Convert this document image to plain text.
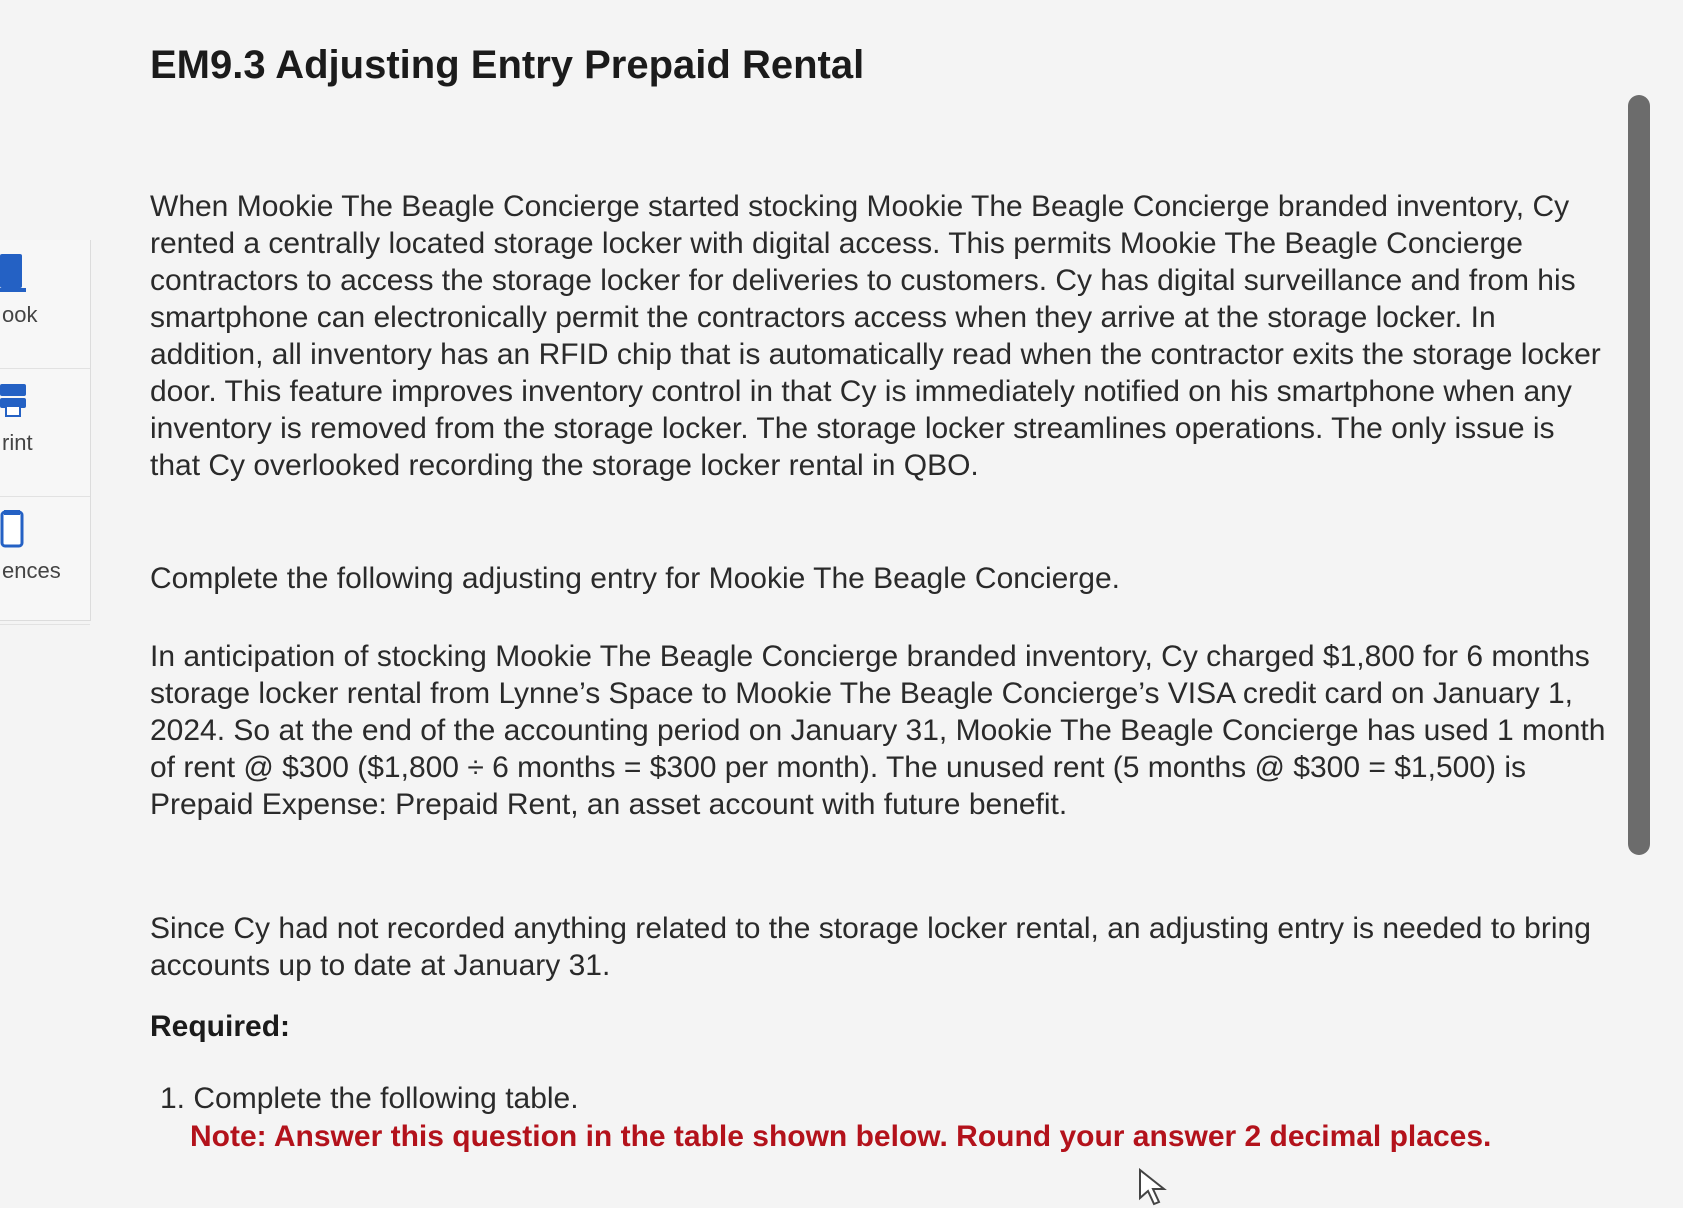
ook
rint
ences
EM9.3 Adjusting Entry Prepaid Rental

When Mookie The Beagle Concierge started stocking Mookie The Beagle Concierge branded inventory, Cy rented a centrally located storage locker with digital access. This permits Mookie The Beagle Concierge contractors to access the storage locker for deliveries to customers. Cy has digital surveillance and from his smartphone can electronically permit the contractors access when they arrive at the storage locker. In addition, all inventory has an RFID chip that is automatically read when the contractor exits the storage locker door. This feature improves inventory control in that Cy is immediately notified on his smartphone when any inventory is removed from the storage locker. The storage locker streamlines operations. The only issue is that Cy overlooked recording the storage locker rental in QBO.

Complete the following adjusting entry for Mookie The Beagle Concierge.

In anticipation of stocking Mookie The Beagle Concierge branded inventory, Cy charged $1,800 for 6 months storage locker rental from Lynne’s Space to Mookie The Beagle Concierge’s VISA credit card on January 1, 2024. So at the end of the accounting period on January 31, Mookie The Beagle Concierge has used 1 month of rent @ $300 ($1,800 ÷ 6 months = $300 per month). The unused rent (5 months @ $300 = $1,500) is Prepaid Expense: Prepaid Rent, an asset account with future benefit.

Since Cy had not recorded anything related to the storage locker rental, an adjusting entry is needed to bring accounts up to date at January 31.

Required:

1. Complete the following table.
Note: Answer this question in the table shown below. Round your answer 2 decimal places.
